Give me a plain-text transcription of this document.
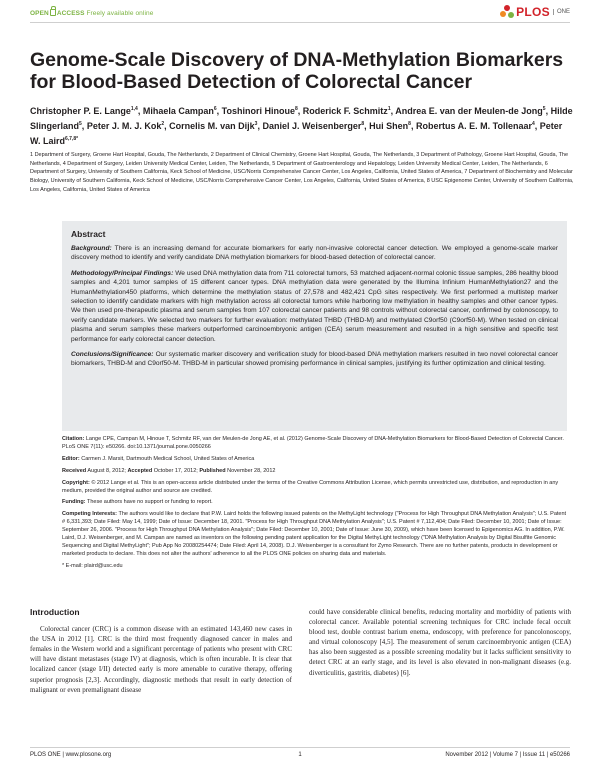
OPEN ACCESS Freely available online	PLOS	ONE
Genome-Scale Discovery of DNA-Methylation Biomarkers for Blood-Based Detection of Colorectal Cancer
Christopher P. E. Lange$^{1,4}$, Mihaela Campan$^6$, Toshinori Hinoue$^8$, Roderick F. Schmitz$^1$, Andrea E. van der Meulen-de Jong$^5$, Hilde Slingerland$^5$, Peter J. M. J. Kok$^2$, Cornelis M. van Dijk$^3$, Daniel J. Weisenberger$^8$, Hui Shen$^8$, Robertus A. E. M. Tollenaar$^4$, Peter W. Laird$^{6,7,8*}$
1 Department of Surgery, Groene Hart Hospital, Gouda, The Netherlands, 2 Department of Clinical Chemistry, Groene Hart Hospital, Gouda, The Netherlands, 3 Department of Pathology, Groene Hart Hospital, Gouda, The Netherlands, 4 Department of Surgery, Leiden University Medical Center, Leiden, The Netherlands, 5 Department of Gastroenterology and Hepatology, Leiden University Medical Center, Leiden, The Netherlands, 6 Department of Surgery, University of Southern California, Keck School of Medicine, USC/Norris Comprehensive Cancer Center, Los Angeles, California, United States of America, 7 Department of Biochemistry and Molecular Biology, University of Southern California, Keck School of Medicine, USC/Norris Comprehensive Cancer Center, Los Angeles, California, United States of America, 8 USC Epigenome Center, University of Southern California, Los Angeles, California, United States of America
Abstract

Background: There is an increasing demand for accurate biomarkers for early non-invasive colorectal cancer detection. We employed a genome-scale marker discovery method to identify and verify candidate DNA methylation biomarkers for blood-based detection of colorectal cancer.

Methodology/Principal Findings: We used DNA methylation data from 711 colorectal tumors, 53 matched adjacent-normal colonic tissue samples, 286 healthy blood samples and 4,201 tumor samples of 15 different cancer types. DNA methylation data were generated by the Illumina Infinium HumanMethylation27 and the HumanMethylation450 platforms, which determine the methylation status of 27,578 and 482,421 CpG sites respectively. We first performed a multistep marker selection to identify candidate markers with high methylation across all colorectal tumors while harboring low methylation in healthy samples and other cancer types. We then used pre-therapeutic plasma and serum samples from 107 colorectal cancer patients and 98 controls without colorectal cancer, confirmed by colonoscopy, to verify candidate markers. We selected two markers for further evaluation: methylated THBD (THBD-M) and methylated C9orf50 (C9orf50-M). When tested on clinical plasma and serum samples these markers outperformed carcinoembryonic antigen (CEA) serum measurement and resulted in a high sensitive and specific test performance for early colorectal cancer detection.

Conclusions/Significance: Our systematic marker discovery and verification study for blood-based DNA methylation markers resulted in two novel colorectal cancer biomarkers, THBD-M and C9orf50-M. THBD-M in particular showed promising performance in clinical samples, justifying its further optimization and clinical testing.

Citation: Lange CPE, Campan M, Hinoue T, Schmitz RF, van der Meulen-de Jong AE, et al. (2012) Genome-Scale Discovery of DNA-Methylation Biomarkers for Blood-Based Detection of Colorectal Cancer. PLoS ONE 7(11): e50266. doi:10.1371/journal.pone.0050266

Editor: Carmen J. Marsit, Dartmouth Medical School, United States of America

Received August 8, 2012; Accepted October 17, 2012; Published November 28, 2012

Copyright: © 2012 Lange et al. This is an open-access article distributed under the terms of the Creative Commons Attribution License, which permits unrestricted use, distribution, and reproduction in any medium, provided the original author and source are credited.

Funding: These authors have no support or funding to report.

Competing Interests: The authors would like to declare that P.W. Laird holds the following issued patents on the MethyLight technology ("Process for High Throughput DNA Methylation Analysis"; U.S. Patent # 6,331,393; Date Filed: May 14, 1999; Date of Issue: December 18, 2001. "Process for High Throughput DNA Methylation Analysis"; U.S. Patent # 7,112,404; Date Filed: December 10, 2001; Date of Issue: September 26, 2006. "Process for High Throughput DNA Methylation Analysis"; Date Filed: December 10, 2001; Date of Issue: June 30, 2009), which have been licensed to Epigenomics AG. In addition, P.W. Laird, D.J. Weisenberger, and M. Campan are named as inventors on the following pending patent application for the Digital MethyLight technology ("DNA Methylation Analysis by Digital Bisulfite Genomic Sequencing and Digital MethyLight"; Pub App No 20080254474; Date Filed: April 14, 2008). D.J. Weisenberger is a consultant for Zymo Research. There are no further patents, products in development or marketed products to declare. This does not alter the authors' adherence to all the PLOS ONE policies on sharing data and materials.

* E-mail: plaird@usc.edu

Introduction

Colorectal cancer (CRC) is a common disease with an estimated 143,460 new cases in the USA in 2012 [1]. CRC is the third most frequently diagnosed cancer in males and females in the Western world and a significant percentage of patients who present with CRC will have distant metastases (stage IV) at diagnosis, which is often incurable. It is clear that localized cancer (stage I/II) detected early is more amenable to curative therapy, offering superior prognosis [2,3]. Accordingly, diagnostic methods that result in early detection of malignant or even premalignant disease

could have considerable clinical benefits, reducing mortality and morbidity of patients with colorectal cancer. Available potential screening techniques for CRC include fecal occult blood test, double contrast barium enema, endoscopy, with preference for pancolonoscopy, and virtual colonoscopy [4,5]. The measurement of serum carcinoembryonic antigen (CEA) has also been suggested as a possible screening modality but it lacks sufficient sensitivity to detect CRC at an early stage, and its level is also elevated in non-malignant diseases (e.g. diverticulitis, gastritis, diabetes) [6].

PLOS ONE | www.plosone.org	1	November 2012 | Volume 7 | Issue 11 | e50266
